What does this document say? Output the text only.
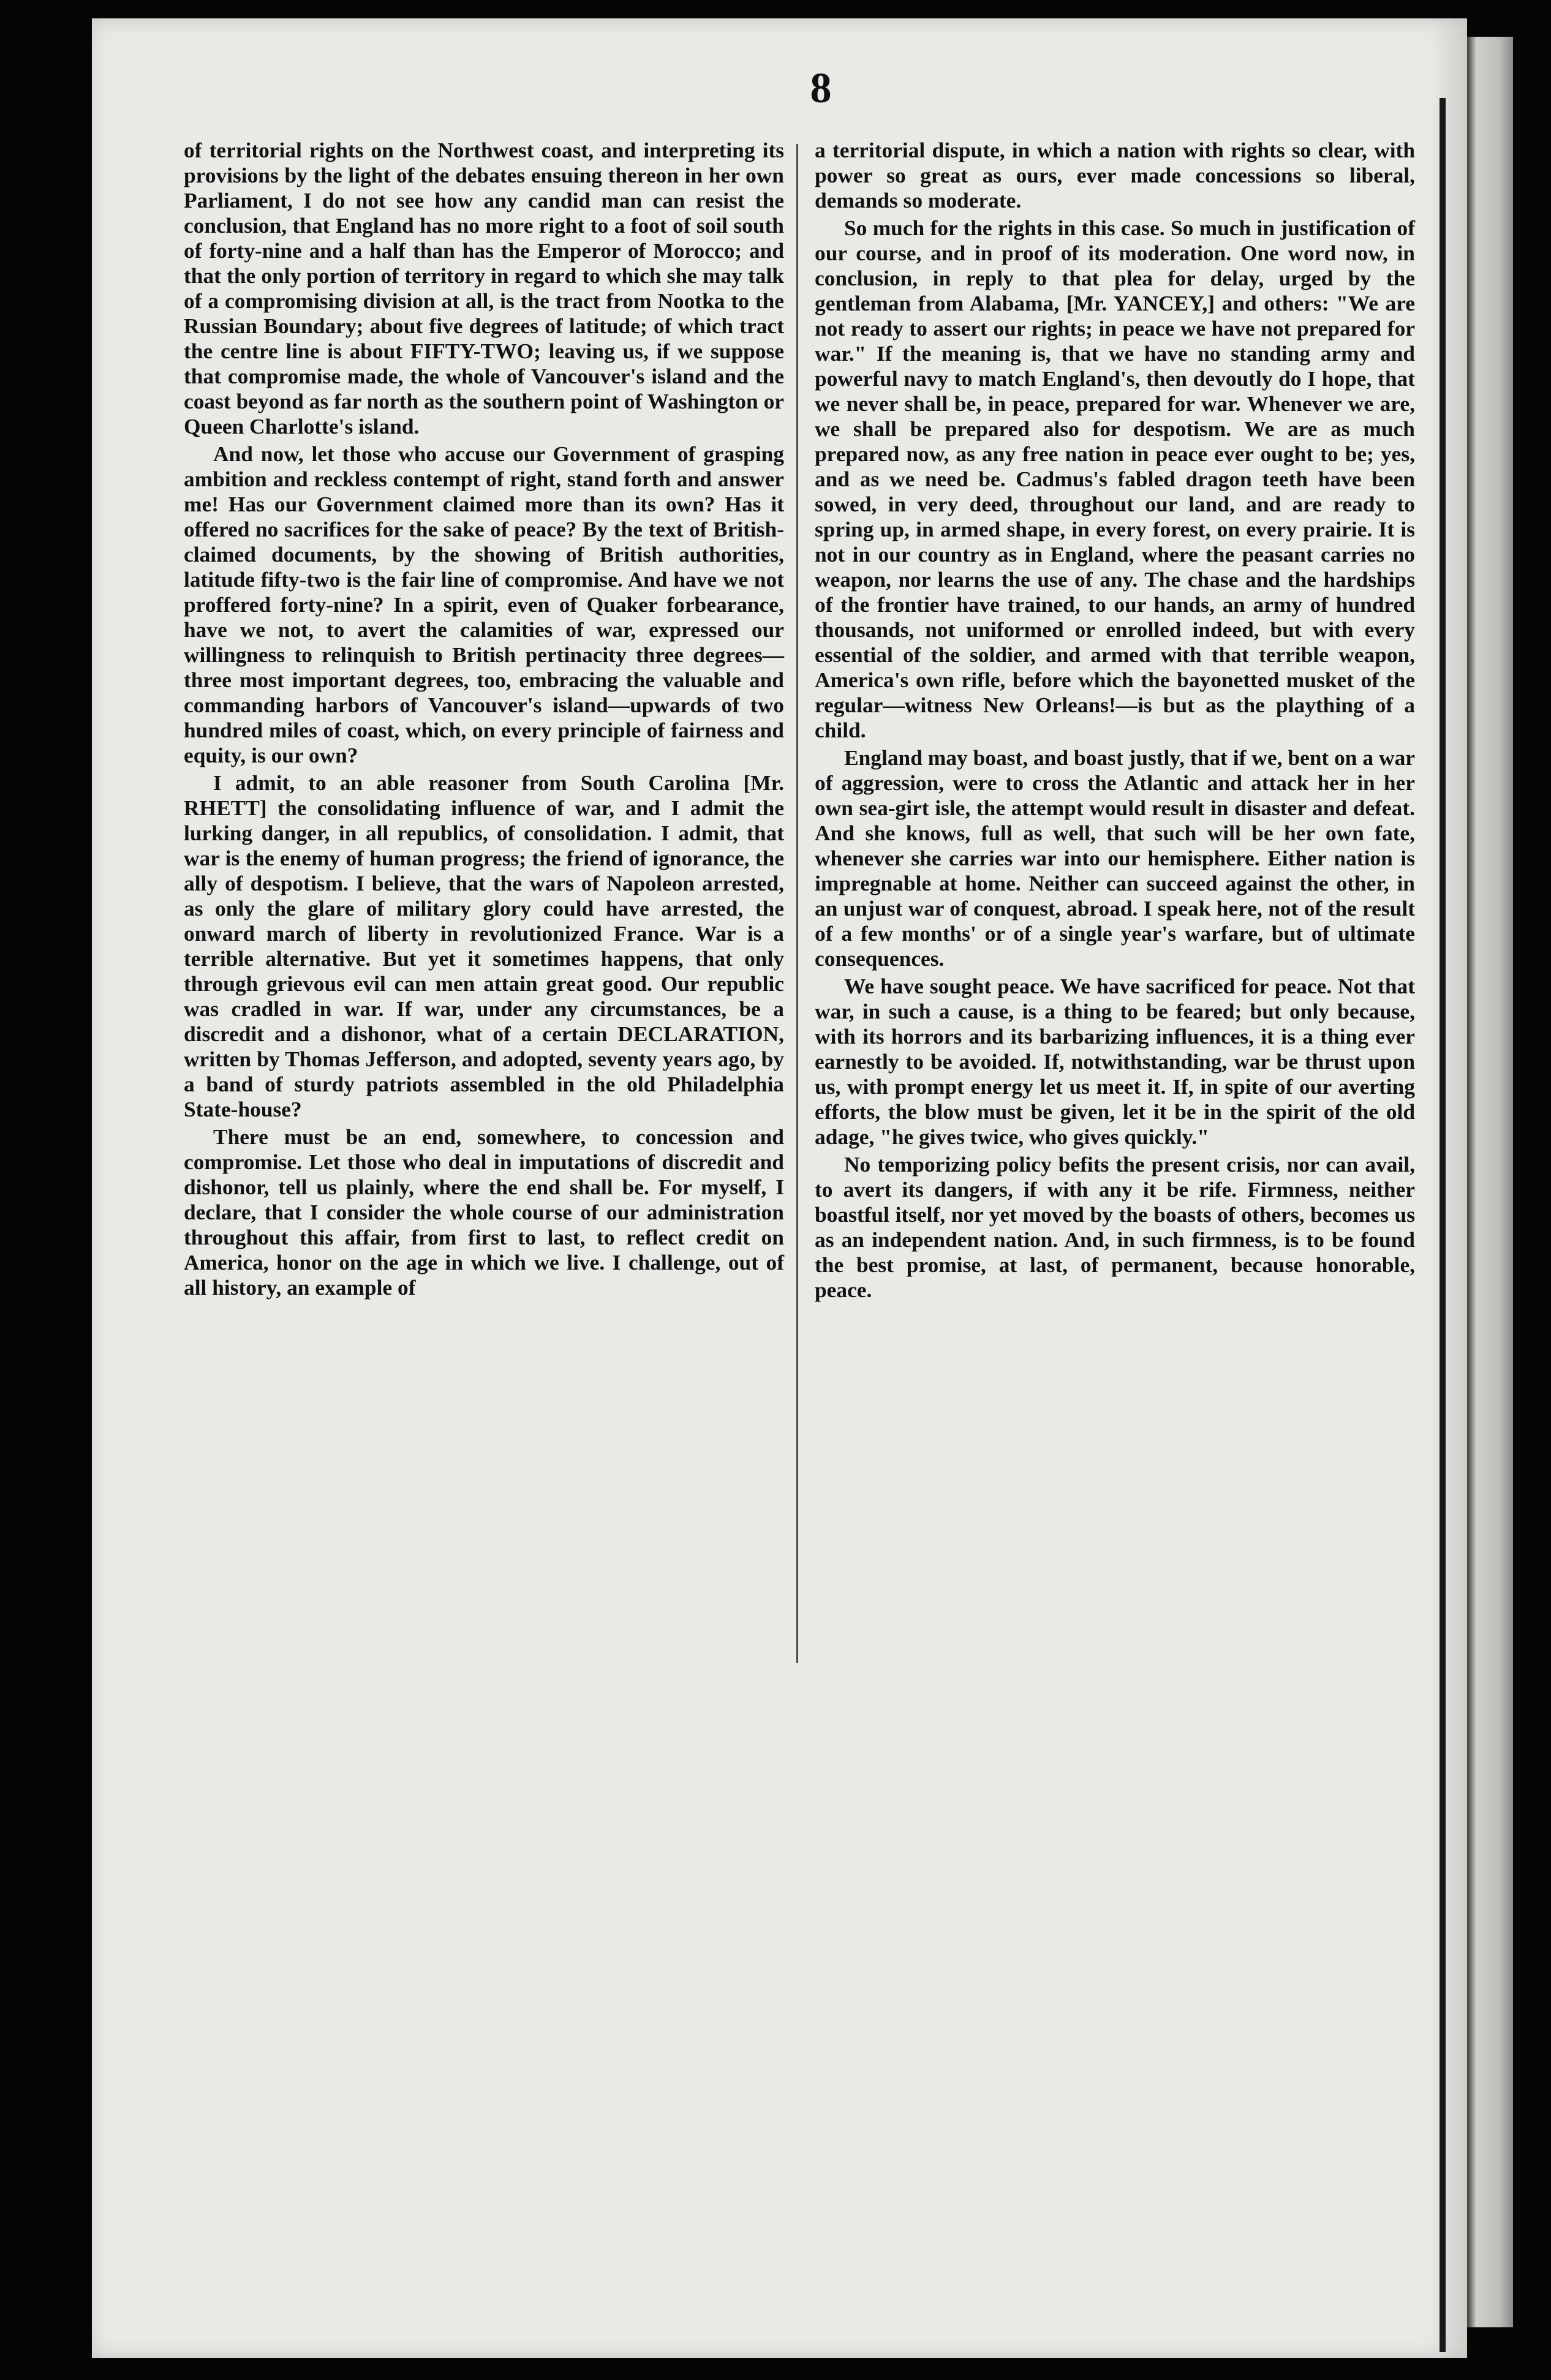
8

of territorial rights on the Northwest coast, and interpreting its provisions by the light of the debates ensuing thereon in her own Parliament, I do not see how any candid man can resist the conclusion, that England has no more right to a foot of soil south of forty-nine and a half than has the Emperor of Morocco; and that the only portion of territory in regard to which she may talk of a compromising division at all, is the tract from Nootka to the Russian Boundary; about five degrees of latitude; of which tract the centre line is about FIFTY-TWO; leaving us, if we suppose that compromise made, the whole of Vancouver's island and the coast beyond as far north as the southern point of Washington or Queen Charlotte's island.

And now, let those who accuse our Government of grasping ambition and reckless contempt of right, stand forth and answer me! Has our Government claimed more than its own? Has it offered no sacrifices for the sake of peace? By the text of British-claimed documents, by the showing of British authorities, latitude fifty-two is the fair line of compromise. And have we not proffered forty-nine? In a spirit, even of Quaker forbearance, have we not, to avert the calamities of war, expressed our willingness to relinquish to British pertinacity three degrees—three most important degrees, too, embracing the valuable and commanding harbors of Vancouver's island—upwards of two hundred miles of coast, which, on every principle of fairness and equity, is our own?

I admit, to an able reasoner from South Carolina [Mr. RHETT] the consolidating influence of war, and I admit the lurking danger, in all republics, of consolidation. I admit, that war is the enemy of human progress; the friend of ignorance, the ally of despotism. I believe, that the wars of Napoleon arrested, as only the glare of military glory could have arrested, the onward march of liberty in revolutionized France. War is a terrible alternative. But yet it sometimes happens, that only through grievous evil can men attain great good. Our republic was cradled in war. If war, under any circumstances, be a discredit and a dishonor, what of a certain DECLARATION, written by Thomas Jefferson, and adopted, seventy years ago, by a band of sturdy patriots assembled in the old Philadelphia State-house?

There must be an end, somewhere, to concession and compromise. Let those who deal in imputations of discredit and dishonor, tell us plainly, where the end shall be. For myself, I declare, that I consider the whole course of our administration throughout this affair, from first to last, to reflect credit on America, honor on the age in which we live. I challenge, out of all history, an example of

a territorial dispute, in which a nation with rights so clear, with power so great as ours, ever made concessions so liberal, demands so moderate.

So much for the rights in this case. So much in justification of our course, and in proof of its moderation. One word now, in conclusion, in reply to that plea for delay, urged by the gentleman from Alabama, [Mr. YANCEY,] and others: "We are not ready to assert our rights; in peace we have not prepared for war." If the meaning is, that we have no standing army and powerful navy to match England's, then devoutly do I hope, that we never shall be, in peace, prepared for war. Whenever we are, we shall be prepared also for despotism. We are as much prepared now, as any free nation in peace ever ought to be; yes, and as we need be. Cadmus's fabled dragon teeth have been sowed, in very deed, throughout our land, and are ready to spring up, in armed shape, in every forest, on every prairie. It is not in our country as in England, where the peasant carries no weapon, nor learns the use of any. The chase and the hardships of the frontier have trained, to our hands, an army of hundred thousands, not uniformed or enrolled indeed, but with every essential of the soldier, and armed with that terrible weapon, America's own rifle, before which the bayonetted musket of the regular—witness New Orleans!—is but as the plaything of a child.

England may boast, and boast justly, that if we, bent on a war of aggression, were to cross the Atlantic and attack her in her own sea-girt isle, the attempt would result in disaster and defeat. And she knows, full as well, that such will be her own fate, whenever she carries war into our hemisphere. Either nation is impregnable at home. Neither can succeed against the other, in an unjust war of conquest, abroad. I speak here, not of the result of a few months' or of a single year's warfare, but of ultimate consequences.

We have sought peace. We have sacrificed for peace. Not that war, in such a cause, is a thing to be feared; but only because, with its horrors and its barbarizing influences, it is a thing ever earnestly to be avoided. If, notwithstanding, war be thrust upon us, with prompt energy let us meet it. If, in spite of our averting efforts, the blow must be given, let it be in the spirit of the old adage, "he gives twice, who gives quickly."

No temporizing policy befits the present crisis, nor can avail, to avert its dangers, if with any it be rife. Firmness, neither boastful itself, nor yet moved by the boasts of others, becomes us as an independent nation. And, in such firmness, is to be found the best promise, at last, of permanent, because honorable, peace.
